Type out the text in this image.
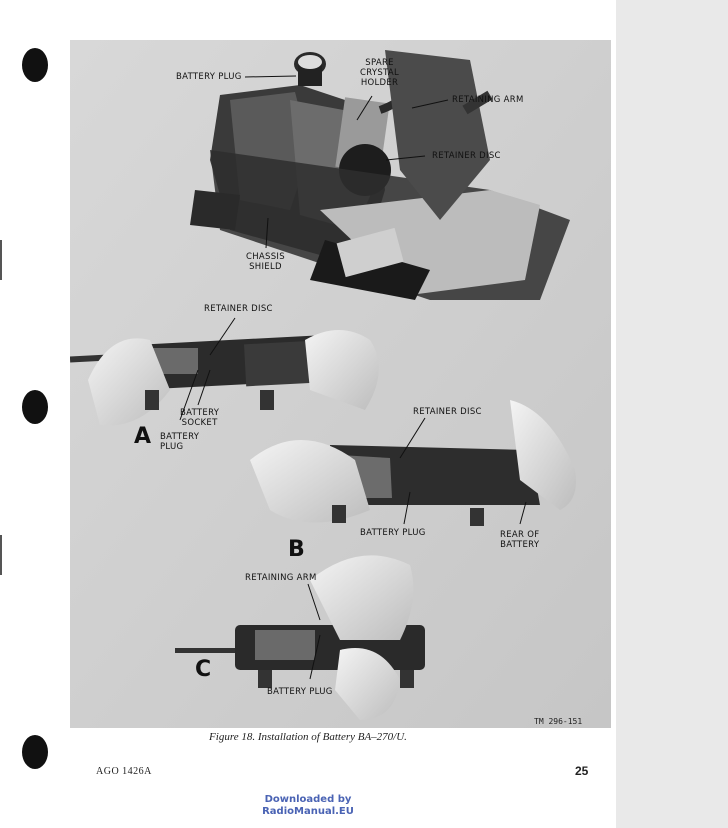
BATTERY PLUG
SPARE
CRYSTAL
HOLDER
RETAINING ARM
RETAINER DISC
CHASSIS
SHIELD
RETAINER DISC
BATTERY
SOCKET
A BATTERY
PLUG
RETAINER DISC
BATTERY PLUG	REAR OF
BATTERY
B
RETAINING ARM
C
BATTERY PLUG
TM 296-151
Figure 18. Installation of Battery BA–270/U.
AGO 1426A	25
Downloaded by
RadioManual.EU
